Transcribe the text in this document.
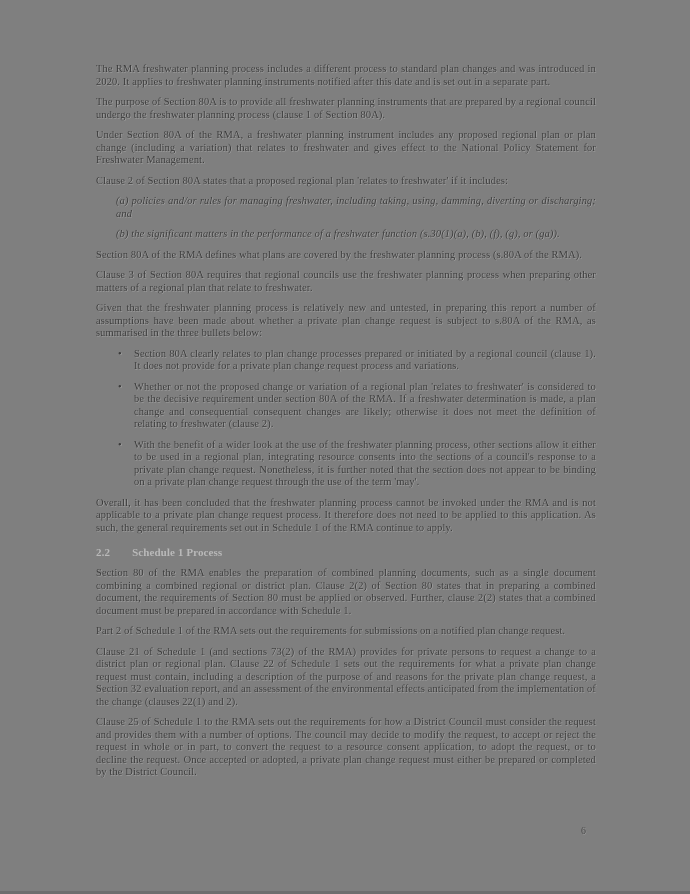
The RMA freshwater planning process includes a different process to standard plan changes and was introduced in 2020. It applies to freshwater planning instruments notified after this date and is set out in a separate part.

The purpose of Section 80A is to provide all freshwater planning instruments that are prepared by a regional council undergo the freshwater planning process (clause 1 of Section 80A).

Under Section 80A of the RMA, a freshwater planning instrument includes any proposed regional plan or plan change (including a variation) that relates to freshwater and gives effect to the National Policy Statement for Freshwater Management.

Clause 2 of Section 80A states that a proposed regional plan 'relates to freshwater' if it includes:

(a) policies and/or rules for managing freshwater, including taking, using, damming, diverting or discharging; and

(b) the significant matters in the performance of a freshwater function (s.30(1)(a), (b), (f), (g), or (ga)).

Section 80A of the RMA defines what plans are covered by the freshwater planning process (s.80A of the RMA).

Clause 3 of Section 80A requires that regional councils use the freshwater planning process when preparing other matters of a regional plan that relate to freshwater.

Given that the freshwater planning process is relatively new and untested, in preparing this report a number of assumptions have been made about whether a private plan change request is subject to s.80A of the RMA, as summarised in the three bullets below:

• Section 80A clearly relates to plan change processes prepared or initiated by a regional council (clause 1). It does not provide for a private plan change request process and variations.
• Whether or not the proposed change or variation of a regional plan 'relates to freshwater' is considered to be the decisive requirement under section 80A of the RMA. If a freshwater determination is made, a plan change and consequential consequent changes are likely; otherwise it does not meet the definition of relating to freshwater (clause 2).
• With the benefit of a wider look at the use of the freshwater planning process, other sections allow it either to be used in a regional plan, integrating resource consents into the sections of a council's response to a private plan change request. Nonetheless, it is further noted that the section does not appear to be binding on a private plan change request through the use of the term 'may'.

Overall, it has been concluded that the freshwater planning process cannot be invoked under the RMA and is not applicable to a private plan change request process. It therefore does not need to be applied to this application. As such, the general requirements set out in Schedule 1 of the RMA continue to apply.

2.2 Schedule 1 Process

Section 80 of the RMA enables the preparation of combined planning documents, such as a single document combining a combined regional or district plan. Clause 2(2) of Section 80 states that in preparing a combined document, the requirements of Section 80 must be applied or observed. Further, clause 2(2) states that a combined document must be prepared in accordance with Schedule 1.

Part 2 of Schedule 1 of the RMA sets out the requirements for submissions on a notified plan change request.

Clause 21 of Schedule 1 (and sections 73(2) of the RMA) provides for private persons to request a change to a district plan or regional plan. Clause 22 of Schedule 1 sets out the requirements for what a private plan change request must contain, including a description of the purpose of and reasons for the private plan change request, a Section 32 evaluation report, and an assessment of the environmental effects anticipated from the implementation of the change (clauses 22(1) and 2).

Clause 25 of Schedule 1 to the RMA sets out the requirements for how a District Council must consider the request and provides them with a number of options. The council may decide to modify the request, to accept or reject the request in whole or in part, to convert the request to a resource consent application, to adopt the request, or to decline the request. Once accepted or adopted, a private plan change request must either be prepared or completed by the District Council.

6
